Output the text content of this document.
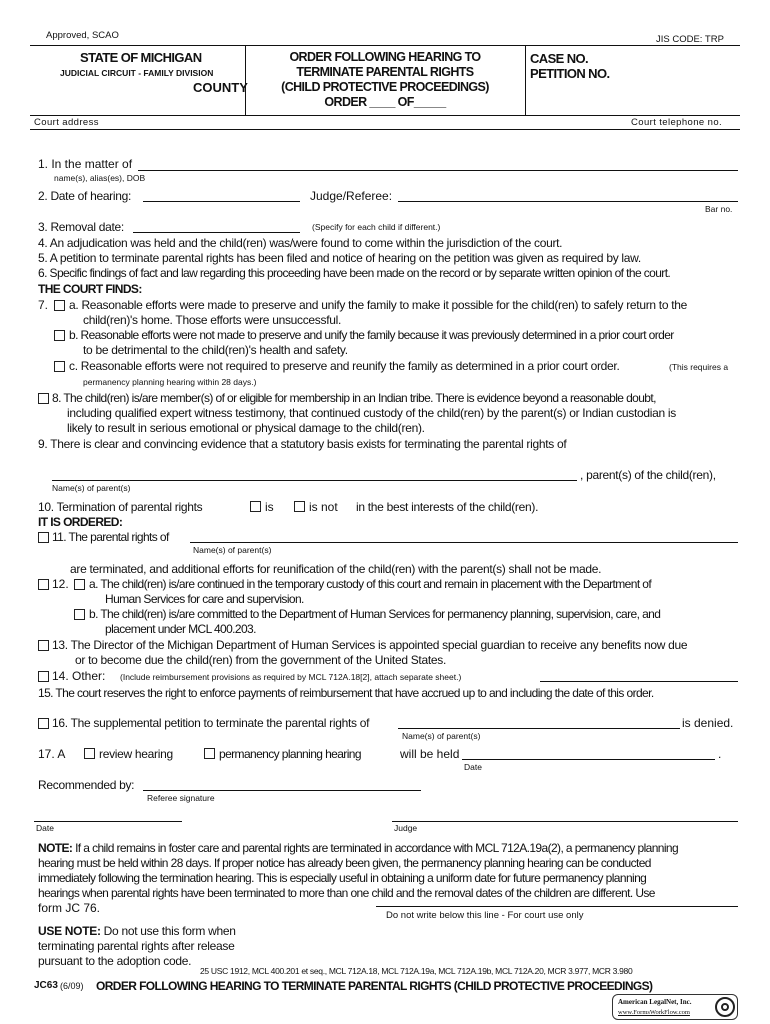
Approved, SCAO	JIS CODE: TRP
STATE OF MICHIGAN
JUDICIAL CIRCUIT - FAMILY DIVISION
COUNTY
ORDER FOLLOWING HEARING TO
TERMINATE PARENTAL RIGHTS
(CHILD PROTECTIVE PROCEEDINGS)
ORDER ____ OF_____
CASE NO.
PETITION NO.
Court address	Court telephone no.
1. In the matter of
name(s), alias(es), DOB
2. Date of hearing:	Judge/Referee:
Bar no.
3. Removal date:	(Specify for each child if different.)
4. An adjudication was held and the child(ren) was/were found to come within the jurisdiction of the court.
5. A petition to terminate parental rights has been filed and notice of hearing on the petition was given as required by law.
6. Specific findings of fact and law regarding this proceeding have been made on the record or by separate written opinion of the court.
THE COURT FINDS:
7. a. Reasonable efforts were made to preserve and unify the family to make it possible for the child(ren) to safely return to the
child(ren)'s home. Those efforts were unsuccessful.
b. Reasonable efforts were not made to preserve and unify the family because it was previously determined in a prior court order
to be detrimental to the child(ren)'s health and safety.
c. Reasonable efforts were not required to preserve and reunify the family as determined in a prior court order.	(This requires a
permanency planning hearing within 28 days.)
8. The child(ren) is/are member(s) of or eligible for membership in an Indian tribe. There is evidence beyond a reasonable doubt,
including qualified expert witness testimony, that continued custody of the child(ren) by the parent(s) or Indian custodian is
likely to result in serious emotional or physical damage to the child(ren).
9. There is clear and convincing evidence that a statutory basis exists for terminating the parental rights of
, parent(s) of the child(ren),
Name(s) of parent(s)
10. Termination of parental rights	is	is not in the best interests of the child(ren).
IT IS ORDERED:
11. The parental rights of
Name(s) of parent(s)
are terminated, and additional efforts for reunification of the child(ren) with the parent(s) shall not be made.
12. a. The child(ren) is/are continued in the temporary custody of this court and remain in placement with the Department of
Human Services for care and supervision.
b. The child(ren) is/are committed to the Department of Human Services for permanency planning, supervision, care, and
placement under MCL 400.203.
13. The Director of the Michigan Department of Human Services is appointed special guardian to receive any benefits now due
or to become due the child(ren) from the government of the United States.
14. Other: (Include reimbursement provisions as required by MCL 712A.18[2], attach separate sheet.)
15. The court reserves the right to enforce payments of reimbursement that have accrued up to and including the date of this order.
16. The supplemental petition to terminate the parental rights of	is denied.
Name(s) of parent(s)
17. A	review hearing	permanency planning hearing	will be held	.
Date
Recommended by:
Referee signature
Date	Judge
NOTE: If a child remains in foster care and parental rights are terminated in accordance with MCL 712A.19a(2), a permanency planning
hearing must be held within 28 days. If proper notice has already been given, the permanency planning hearing can be conducted
immediately following the termination hearing. This is especially useful in obtaining a uniform date for future permanency planning
hearings when parental rights have been terminated to more than one child and the removal dates of the children are different. Use
form JC 76.
Do not write below this line - For court use only
USE NOTE: Do not use this form when
terminating parental rights after release
pursuant to the adoption code.
25 USC 1912, MCL 400.201 et seq., MCL 712A.18, MCL 712A.19a, MCL 712A.19b, MCL 712A.20, MCR 3.977, MCR 3.980
JC63 (6/09) ORDER FOLLOWING HEARING TO TERMINATE PARENTAL RIGHTS (CHILD PROTECTIVE PROCEEDINGS)
American LegalNet, Inc.
www.FormsWorkFlow.com
